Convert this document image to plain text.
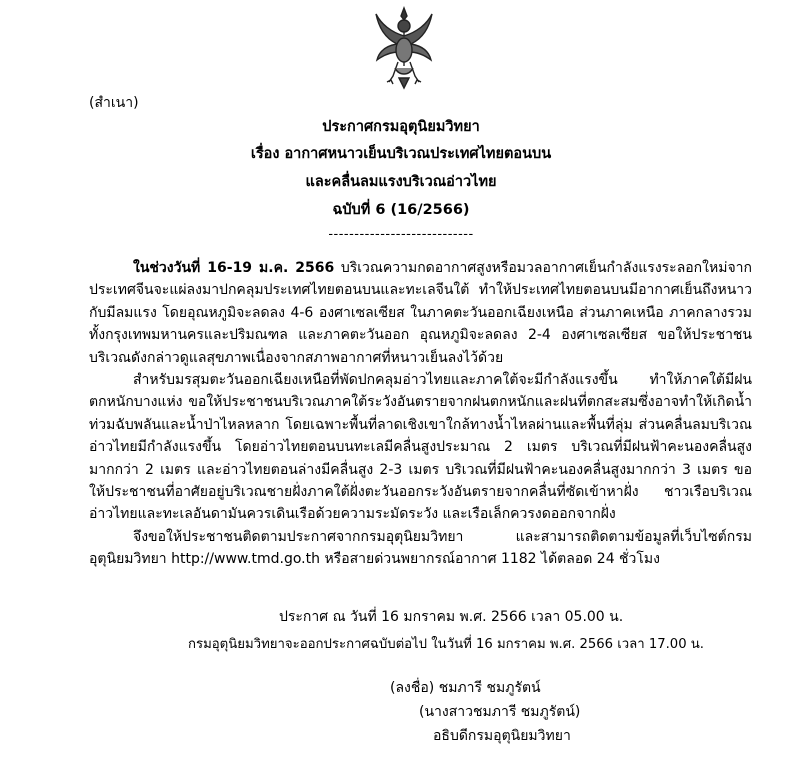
(สำเนา)
ประกาศกรมอุตุนิยมวิทยา
เรื่อง อากาศหนาวเย็นบริเวณประเทศไทยตอนบน
และคลื่นลมแรงบริเวณอ่าวไทย
ฉบับที่ 6 (16/2566)
----------------------------

ในช่วงวันที่ 16-19 ม.ค. 2566 บริเวณความกดอากาศสูงหรือมวลอากาศเย็นกำลังแรงระลอกใหม่จากประเทศจีนจะแผ่ลงมาปกคลุมประเทศไทยตอนบนและทะเลจีนใต้ ทำให้ประเทศไทยตอนบนมีอากาศเย็นถึงหนาวกับมีลมแรง โดยอุณหภูมิจะลดลง 4-6 องศาเซลเซียส ในภาคตะวันออกเฉียงเหนือ ส่วนภาคเหนือ ภาคกลางรวมทั้งกรุงเทพมหานครและปริมณฑล และภาคตะวันออก อุณหภูมิจะลดลง 2-4 องศาเซลเซียส ขอให้ประชาชนบริเวณดังกล่าวดูแลสุขภาพเนื่องจากสภาพอากาศที่หนาวเย็นลงไว้ด้วย

สำหรับมรสุมตะวันออกเฉียงเหนือที่พัดปกคลุมอ่าวไทยและภาคใต้จะมีกำลังแรงขึ้น ทำให้ภาคใต้มีฝนตกหนักบางแห่ง ขอให้ประชาชนบริเวณภาคใต้ระวังอันตรายจากฝนตกหนักและฝนที่ตกสะสมซึ่งอาจทำให้เกิดน้ำท่วมฉับพลันและน้ำป่าไหลหลาก โดยเฉพาะพื้นที่ลาดเชิงเขาใกล้ทางน้ำไหลผ่านและพื้นที่ลุ่ม ส่วนคลื่นลมบริเวณอ่าวไทยมีกำลังแรงขึ้น โดยอ่าวไทยตอนบนทะเลมีคลื่นสูงประมาณ 2 เมตร บริเวณที่มีฝนฟ้าคะนองคลื่นสูงมากกว่า 2 เมตร และอ่าวไทยตอนล่างมีคลื่นสูง 2-3 เมตร บริเวณที่มีฝนฟ้าคะนองคลื่นสูงมากกว่า 3 เมตร ขอให้ประชาชนที่อาศัยอยู่บริเวณชายฝั่งภาคใต้ฝั่งตะวันออกระวังอันตรายจากคลื่นที่ซัดเข้าหาฝั่ง ชาวเรือบริเวณอ่าวไทยและทะเลอันดามันควรเดินเรือด้วยความระมัดระวัง และเรือเล็กควรงดออกจากฝั่ง

จึงขอให้ประชาชนติดตามประกาศจากกรมอุตุนิยมวิทยา และสามารถติดตามข้อมูลที่เว็บไซต์กรมอุตุนิยมวิทยา http://www.tmd.go.th หรือสายด่วนพยากรณ์อากาศ 1182 ได้ตลอด 24 ชั่วโมง

ประกาศ ณ วันที่ 16 มกราคม พ.ศ. 2566 เวลา 05.00 น.
กรมอุตุนิยมวิทยาจะออกประกาศฉบับต่อไป ในวันที่ 16 มกราคม พ.ศ. 2566 เวลา 17.00 น.
(ลงชื่อ) ชมภารี ชมภูรัตน์
(นางสาวชมภารี ชมภูรัตน์)
อธิบดีกรมอุตุนิยมวิทยา
